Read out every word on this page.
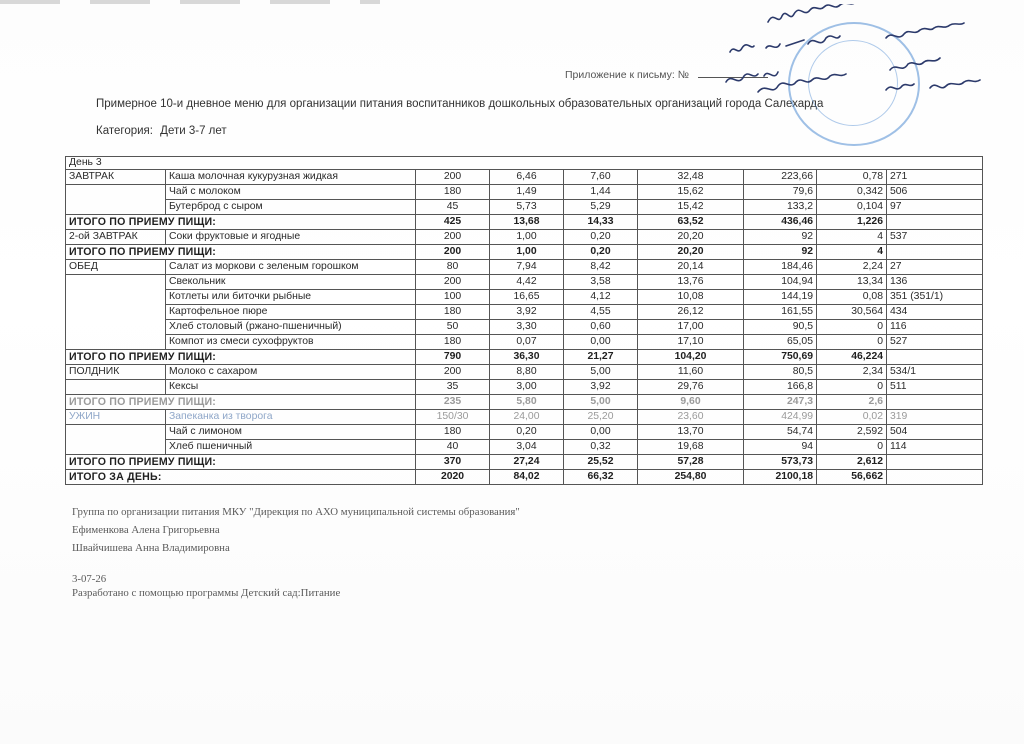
Приложение к письму: №
Примерное 10-и дневное меню для организации питания воспитанников дошкольных образовательных организаций города Салехарда
Категория: Дети 3-7 лет
День 3								
ЗАВТРАК	Каша молочная кукурузная жидкая	200	6,46	7,60	32,48	223,66	0,78	271
	Чай с молоком	180	1,49	1,44	15,62	79,6	0,342	506
	Бутерброд с сыром	45	5,73	5,29	15,42	133,2	0,104	97
ИТОГО ПО ПРИЕМУ ПИЩИ:		425	13,68	14,33	63,52	436,46	1,226	
2-ой ЗАВТРАК	Соки фруктовые и ягодные	200	1,00	0,20	20,20	92	4	537
ИТОГО ПО ПРИЕМУ ПИЩИ:		200	1,00	0,20	20,20	92	4	
ОБЕД	Салат из моркови с зеленым горошком	80	7,94	8,42	20,14	184,46	2,24	27
	Свекольник	200	4,42	3,58	13,76	104,94	13,34	136
	Котлеты или биточки рыбные	100	16,65	4,12	10,08	144,19	0,08	351 (351/1)
	Картофельное пюре	180	3,92	4,55	26,12	161,55	30,564	434
	Хлеб столовый (ржано-пшеничный)	50	3,30	0,60	17,00	90,5	0	116
	Компот из смеси сухофруктов	180	0,07	0,00	17,10	65,05	0	527
ИТОГО ПО ПРИЕМУ ПИЩИ:		790	36,30	21,27	104,20	750,69	46,224	
ПОЛДНИК	Молоко с сахаром	200	8,80	5,00	11,60	80,5	2,34	534/1
	Кексы	35	3,00	3,92	29,76	166,8	0	511
ИТОГО ПО ПРИЕМУ ПИЩИ:		235	5,80	5,00	9,60	247,3	2,6	
УЖИН	Запеканка из творога	150/30	24,00	25,20	23,60	424,99	0,02	319
	Чай с лимоном	180	0,20	0,00	13,70	54,74	2,592	504
	Хлеб пшеничный	40	3,04	0,32	19,68	94	0	114
ИТОГО ПО ПРИЕМУ ПИЩИ:		370	27,24	25,52	57,28	573,73	2,612	
ИТОГО ЗА ДЕНЬ:		2020	84,02	66,32	254,80	2100,18	56,662	
Группа по организации питания МКУ "Дирекция по АХО муниципальной системы образования"
Ефименкова Алена Григорьевна
Швайчишева Анна Владимировна
3-07-26
Разработано с помощью программы Детский сад:Питание
